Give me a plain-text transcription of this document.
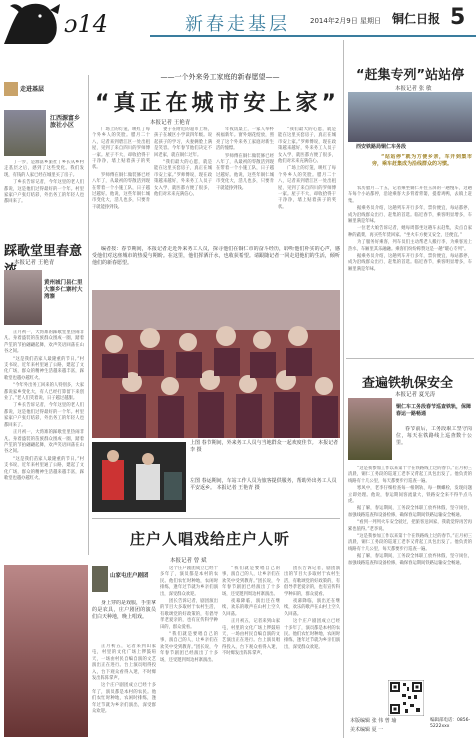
ɔ14	新春走基层	2014年2月9日 星期日 铜仁日报 5
——一个外来务工家庭的新春愿望——
“真正在城市安上家”
走进基层
江西源富乡旅社小区

丁一步，是源富乡旅社丁乡长从乡村走基层之后，感到了这些变化。我们发现，有钱的人家已经在城里买了房子。

丁乡长告诉记者，今年这里的老人们都说，这是他们过得最好的一个年。村里家家户户张灯结彩，外出务工的年轻人也都回来了。

踩歌堂里春意
本报记者 王艳青
黄州城门县仁里大寨乡仁寨村大湾寨

正月初一，大湾寨的踩歌堂里热闹非凡。身着盛装的苗族群众围成一圈，踏着芦笙的节拍翩翩起舞，欢声笑语回荡在山谷之间。

“这是我们苗家人最隆重的节日。”村支书说，近年来村里通了公路，建起了文化广场，群众的精神生活越来越丰富，踩歌堂也越办越红火。

“今年外出务工回来的人特别多，大家都说家乡变化大，有人已经打算留下来创业了。”老人们笑着说，日子越过越甜。

丁乡长告诉记者，今年这里的老人们都说，这是他们过得最好的一个年。村里家家户户张灯结彩，外出务工的年轻人也都回来了。

正月初一，大湾寨的踩歌堂里热闹非凡。身着盛装的苗族群众围成一圈，踏着芦笙的节拍翩翩起舞，欢声笑语回荡在山谷之间。

“这是我们苗家人最隆重的节日。”村支书说，近年来村里通了公路，建起了文化广场，群众的精神生活越来越丰富，踩歌堂也越办越红火。

本报记者 王艳青

广场上的灯笼，映红了每个外乡人的笑脸。腊月二十八，记者来到碧江区一处出租屋，见到了来自四川的罗师傅一家。屋子不大，却收拾得干干净净，墙上贴着孩子的奖状。

罗师傅在铜仁做装修已经八年了，从最初的零散活到现在带着一个小施工队，日子越过越好。他说，这些年铜仁城市变化大，活儿也多，只要肯干就能挣到钱。

妻子在附近的超市上班，孩子在城区小学读四年级。说起孩子的学习，夫妻俩脸上满是笑容。今年春节他们决定不回老家，就在铜仁过年。

“我们最大的心愿，就是能在这里买套房子，真正在城市安上家。”罗师傅说，现在政策越来越好，外来务工人员子女入学、就医都方便了很多，他们对未来充满信心。

年夜饭桌上，一家人举杯祝福新年。窗外烟花绽放，照亮了这个外来务工家庭对新生活的憧憬。

罗师傅在铜仁做装修已经八年了，从最初的零散活到现在带着一个小施工队，日子越过越好。他说，这些年铜仁城市变化大，活儿也多，只要肯干就能挣到钱。

“我们最大的心愿，就是能在这里买套房子，真正在城市安上家。”罗师傅说，现在政策越来越好，外来务工人员子女入学、就医都方便了很多，他们对未来充满信心。

广场上的灯笼，映红了每个外乡人的笑脸。腊月二十八，记者来到碧江区一处出租屋，见到了来自四川的罗师傅一家。屋子不大，却收拾得干干净净，墙上贴着孩子的奖状。

编者按：春节期间，本报记者走近外来务工人员，探寻他们在铜仁市的奋斗经历，聆听他们朴实的心声，感受他们对这座城市的热爱与期盼。在这里，他们挥洒汗水，也收获希望。请跟随记者一同走进他们的生活，倾听他们的新春愿望。

上图 春节期间，外来务工人员与当地群众一起欢度佳节。 本报记者 李 摄
左图 春运期间，车站工作人员为旅客提供服务，帮助外出务工人员平安返乡。 本报记者 王艳青 摄
庄户人唱戏给庄户人听
本报记者 曾 斌
山家屯庄户剧团

身上穿的是戏服，手里拿的是农具，庄户剧团的演员们白天种地，晚上唱戏。

正月初五，记者来到山家屯，村里的文化广场上锣鼓喧天，一场由村民自编自演的文艺演出正在进行。台上演员唱得投入，台下观众看得入迷，不时爆发出阵阵掌声。

这个庄户剧团成立已经十多年了，演员都是本村的农民。他们农忙时种地，农闲时排练，逢年过节就为乡亲们演出，深受群众欢迎。

这个庄户剧团成立已经十多年了，演员都是本村的农民。他们农忙时种地，农闲时排练，逢年过节就为乡亲们演出，深受群众欢迎。

团长告诉记者，剧团演出的节目大多取材于农村生活，有歌颂党的好政策的，有倡导孝老爱亲的，也有宣传科学种田的，群众爱看。

“我们就是要唱自己的事，演自己的人，让乡亲们在欢笑中受到教育。”团长说，今年春节剧团已经演出了十多场，还受邀到周边村寨演出。

“我们就是要唱自己的事，演自己的人，让乡亲们在欢笑中受到教育。”团长说，今年春节剧团已经演出了十多场，还受邀到周边村寨演出。

夜幕降临，演出还在继续，欢乐的歌声在山村上空久久回荡。

正月初五，记者来到山家屯，村里的文化广场上锣鼓喧天，一场由村民自编自演的文艺演出正在进行。台上演员唱得投入，台下观众看得入迷，不时爆发出阵阵掌声。

团长告诉记者，剧团演出的节目大多取材于农村生活，有歌颂党的好政策的，有倡导孝老爱亲的，也有宣传科学种田的，群众爱看。

夜幕降临，演出还在继续，欢乐的歌声在山村上空久久回荡。

这个庄户剧团成立已经十多年了，演员都是本村的农民。他们农忙时种地，农闲时排练，逢年过节就为乡亲们演出，深受群众欢迎。

“赶集专列”站站停
本报记者 张 敏
西安铁路局铜仁车务段

“站站停”就为方便乡亲，车开到集市旁，乘车赶集成为沿线群众的习惯。

农历腊月二十五，记者乘坐铜仁开往玉屏的一趟慢车，这趟车每个小站都停，沿途乘客大多背着背篓，提着鸡鸭，去镇上赶集。

据乘务员介绍，这趟列车开行多年，票价便宜，每站都停，成为沿线群众出行、赶集的首选。临近春节，乘客明显增多，车厢里满是年味。

一位老大娘告诉记者，她每周都坐这趟车去赶集，卖点自家种的蔬菜，再买些年货回家。“坐火车方便又安全，还便宜。”

为了服务好乘客，列车员们主动帮老人搬行李，为乘客送上热水，车厢里其乐融融。乘客们纷纷称赞这是一趟“暖心专列”。

据乘务员介绍，这趟列车开行多年，票价便宜，每站都停，成为沿线群众出行、赶集的首选。临近春节，乘客明显增多，车厢里满是年味。

查遍铁轨保安全
本报记者 夏光涛
铜仁车工务段春节巡查铁轨，保障春运一路畅通

春节前后，工务段职工坚守岗位，每天在铁路线上巡查数十公里。

“这是我参加工作以来第十个在铁路线上过的春节。”正月初三清晨，铜仁工务段的巡道工老李又背起工具包出发了。他负责的线路有十几公里，每天都要步行巡查一遍。

寒风中，老李仔细检查每一根钢轨、每一颗螺栓，发现问题立即处理。他说，春运期间客流量大，铁路安全来不得半点马虎。

据了解，春运期间，工务段全体职工放弃休假，坚守岗位，加强线路巡查和设备检修，确保春运期间铁路运输安全畅通。

“看到一列列火车安全驶过，把旅客送回家，我就觉得再苦再累也值得。”老李说。

“这是我参加工作以来第十个在铁路线上过的春节。”正月初三清晨，铜仁工务段的巡道工老李又背起工具包出发了。他负责的线路有十几公里，每天都要步行巡查一遍。

据了解，春运期间，工务段全体职工放弃休假，坚守岗位，加强线路巡查和设备检修，确保春运期间铁路运输安全畅通。

本版编辑 张 伟 曾 瑜
美术编辑 夏 一
编辑部电话：0856-5222xxx
